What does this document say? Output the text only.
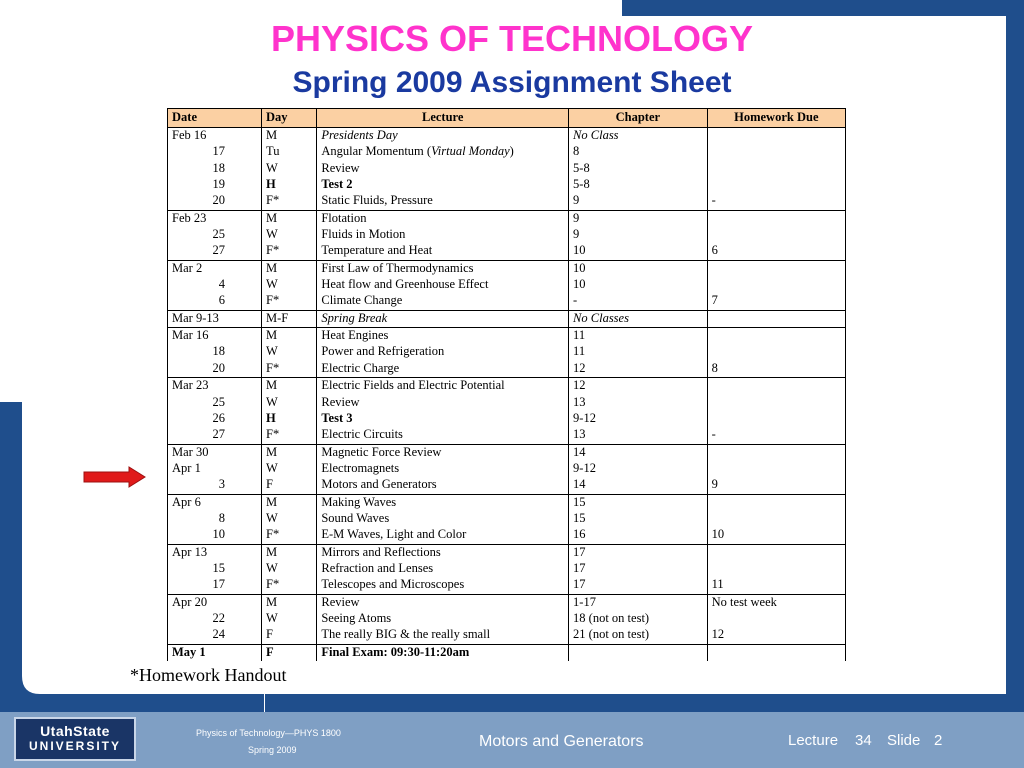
PHYSICS OF TECHNOLOGY
Spring 2009 Assignment Sheet
Date	Day	Lecture	Chapter	Homework Due
Feb 16	M	Presidents Day	No Class	
17	Tu	Angular Momentum (Virtual Monday)	8	
18	W	Review	5-8	
19	H	Test 2	5-8	
20	F*	Static Fluids, Pressure	9	-
Feb 23	M	Flotation	9	
25	W	Fluids in Motion	9	
27	F*	Temperature and Heat	10	6
Mar 2	M	First Law of Thermodynamics	10	
4	W	Heat flow and Greenhouse Effect	10	
6	F*	Climate Change	-	7
Mar 9-13	M-F	Spring Break	No Classes	
Mar 16	M	Heat Engines	11	
18	W	Power and Refrigeration	11	
20	F*	Electric Charge	12	8
Mar 23	M	Electric Fields and Electric Potential	12	
25	W	Review	13	
26	H	Test 3	9-12	
27	F*	Electric Circuits	13	-
Mar 30	M	Magnetic Force Review	14	
Apr 1	W	Electromagnets	9-12	
3	F	Motors and Generators	14	9
Apr 6	M	Making Waves	15	
8	W	Sound Waves	15	
10	F*	E-M Waves, Light and Color	16	10
Apr 13	M	Mirrors and Reflections	17	
15	W	Refraction and Lenses	17	
17	F*	Telescopes and Microscopes	17	11
Apr 20	M	Review	1-17	No test week
22	W	Seeing Atoms	18 (not on test)	
24	F	The really BIG & the really small	21 (not on test)	12
May 1	F	Final Exam: 09:30-11:20am		
*Homework Handout
UtahState
UNIVERSITY
Physics of Technology—PHYS 1800
Spring 2009	Motors and Generators	Lecture 34 Slide 2
